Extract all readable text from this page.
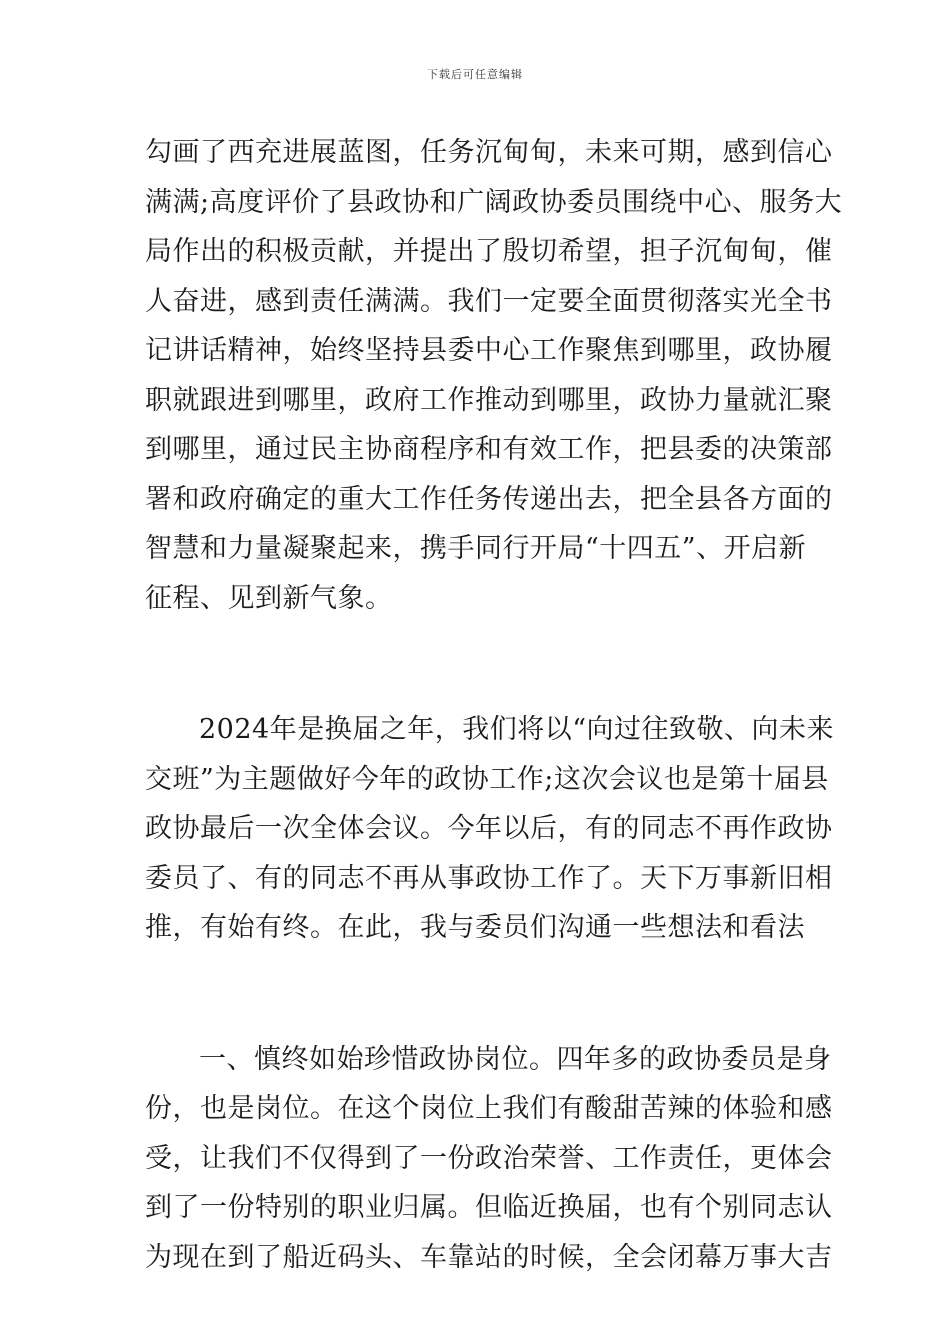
下载后可任意编辑
勾画了西充进展蓝图，任务沉甸甸，未来可期，感到信心
满满;高度评价了县政协和广阔政协委员围绕中心、服务大
局作出的积极贡献，并提出了殷切希望，担子沉甸甸，催
人奋进，感到责任满满。我们一定要全面贯彻落实光全书
记讲话精神，始终坚持县委中心工作聚焦到哪里，政协履
职就跟进到哪里，政府工作推动到哪里，政协力量就汇聚
到哪里，通过民主协商程序和有效工作，把县委的决策部
署和政府确定的重大工作任务传递出去，把全县各方面的
智慧和力量凝聚起来，携手同行开局“十四五”、开启新
征程、见到新气象。
2024年是换届之年，我们将以“向过往致敬、向未来
交班”为主题做好今年的政协工作;这次会议也是第十届县
政协最后一次全体会议。今年以后，有的同志不再作政协
委员了、有的同志不再从事政协工作了。天下万事新旧相
推，有始有终。在此，我与委员们沟通一些想法和看法
一、慎终如始珍惜政协岗位。四年多的政协委员是身
份，也是岗位。在这个岗位上我们有酸甜苦辣的体验和感
受，让我们不仅得到了一份政治荣誉、工作责任，更体会
到了一份特别的职业归属。但临近换届，也有个别同志认
为现在到了船近码头、车靠站的时候，全会闭幕万事大吉
